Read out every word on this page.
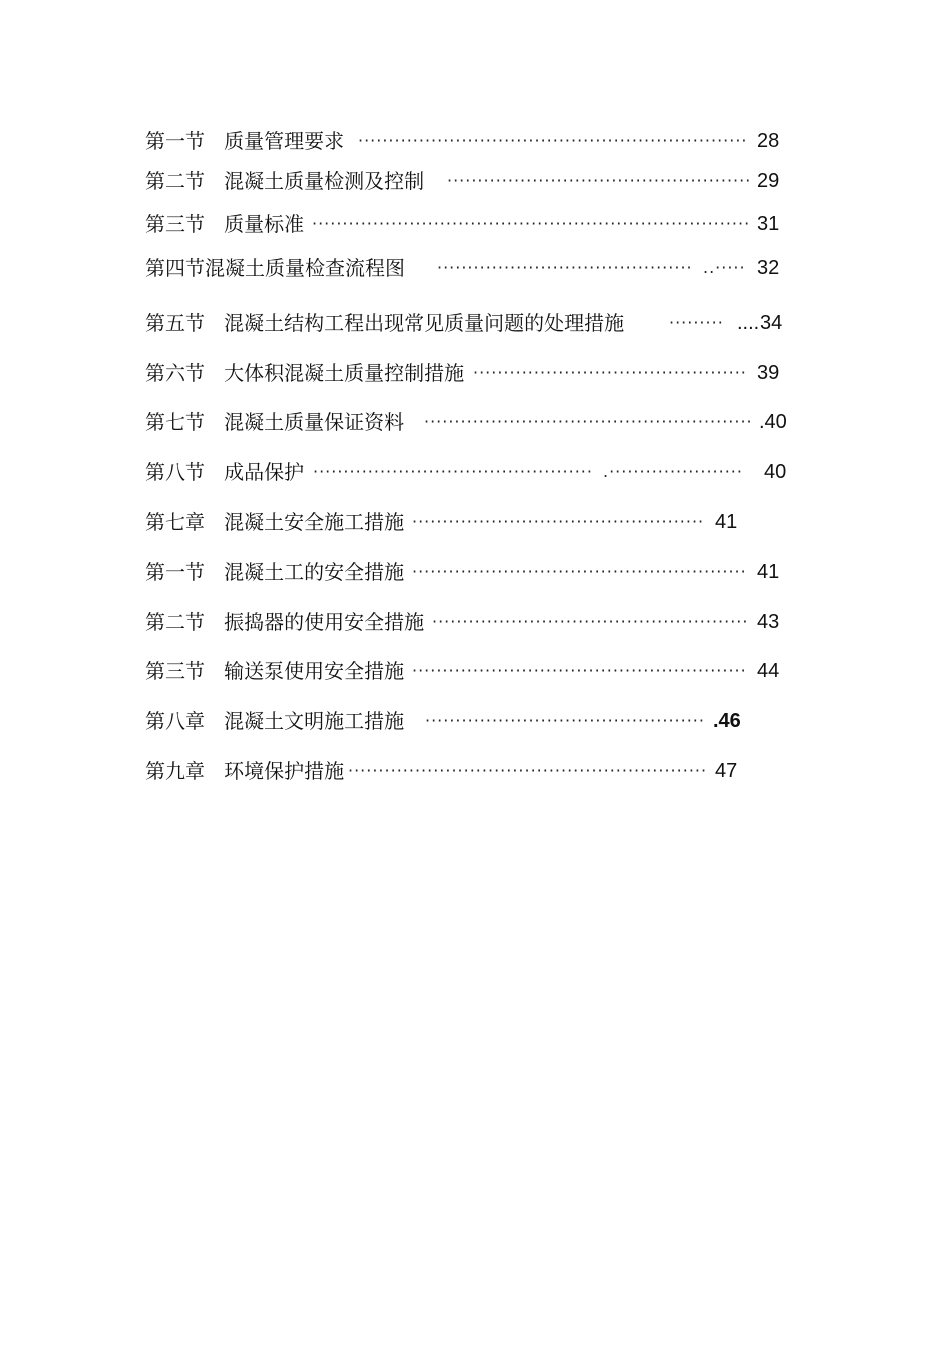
第一节   质量管理要求 ································································ 28
第二节   混凝土质量检测及控制 ·················································· 29
第三节   质量标准 ········································································ 31
第四节混凝土质量检查流程图 ·········································· ..····· 32
第五节   混凝土结构工程出现常见质量问题的处理措施	········· .... 34
第六节   大体积混凝土质量控制措施 ············································· 39
第七节   混凝土质量保证资料 ······················································ .40
第八节   成品保护 ·············································· .······················ 40
第七章   混凝土安全施工措施 ················································ 41
第一节   混凝土工的安全措施 ······················································· 41
第二节   振捣器的使用安全措施 ···················································· 43
第三节   输送泵使用安全措施 ······················································· 44
第八章   混凝土文明施工措施 ·············································· .46
第九章   环境保护措施 ··························································· 47
